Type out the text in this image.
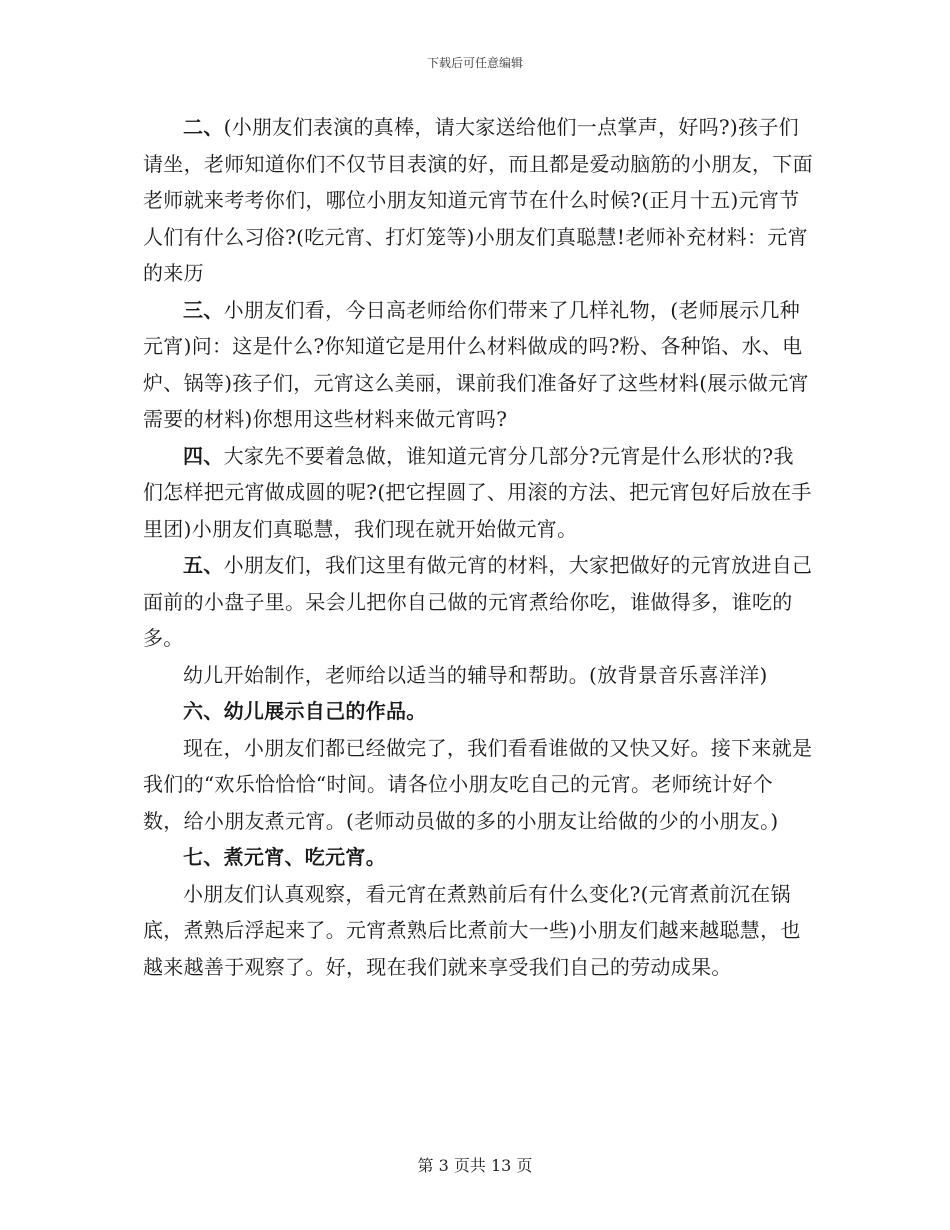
下载后可任意编辑

二、(小朋友们表演的真棒，请大家送给他们一点掌声，好吗?)孩子们请坐，老师知道你们不仅节目表演的好，而且都是爱动脑筋的小朋友，下面老师就来考考你们，哪位小朋友知道元宵节在什么时候?(正月十五)元宵节人们有什么习俗?(吃元宵、打灯笼等)小朋友们真聪慧!老师补充材料：元宵的来历

三、小朋友们看，今日高老师给你们带来了几样礼物，(老师展示几种元宵)问：这是什么?你知道它是用什么材料做成的吗?粉、各种馅、水、电炉、锅等)孩子们，元宵这么美丽，课前我们准备好了这些材料(展示做元宵需要的材料)你想用这些材料来做元宵吗?

四、大家先不要着急做，谁知道元宵分几部分?元宵是什么形状的?我们怎样把元宵做成圆的呢?(把它捏圆了、用滚的方法、把元宵包好后放在手里团)小朋友们真聪慧，我们现在就开始做元宵。

五、小朋友们，我们这里有做元宵的材料，大家把做好的元宵放进自己面前的小盘子里。呆会儿把你自己做的元宵煮给你吃，谁做得多，谁吃的多。

幼儿开始制作，老师给以适当的辅导和帮助。(放背景音乐喜洋洋)

六、幼儿展示自己的作品。

现在，小朋友们都已经做完了，我们看看谁做的又快又好。接下来就是我们的“欢乐恰恰恰“时间。请各位小朋友吃自己的元宵。老师统计好个数，给小朋友煮元宵。(老师动员做的多的小朋友让给做的少的小朋友。)

七、煮元宵、吃元宵。

小朋友们认真观察，看元宵在煮熟前后有什么变化?(元宵煮前沉在锅底，煮熟后浮起来了。元宵煮熟后比煮前大一些)小朋友们越来越聪慧，也越来越善于观察了。好，现在我们就来享受我们自己的劳动成果。

第 3 页共 13 页
